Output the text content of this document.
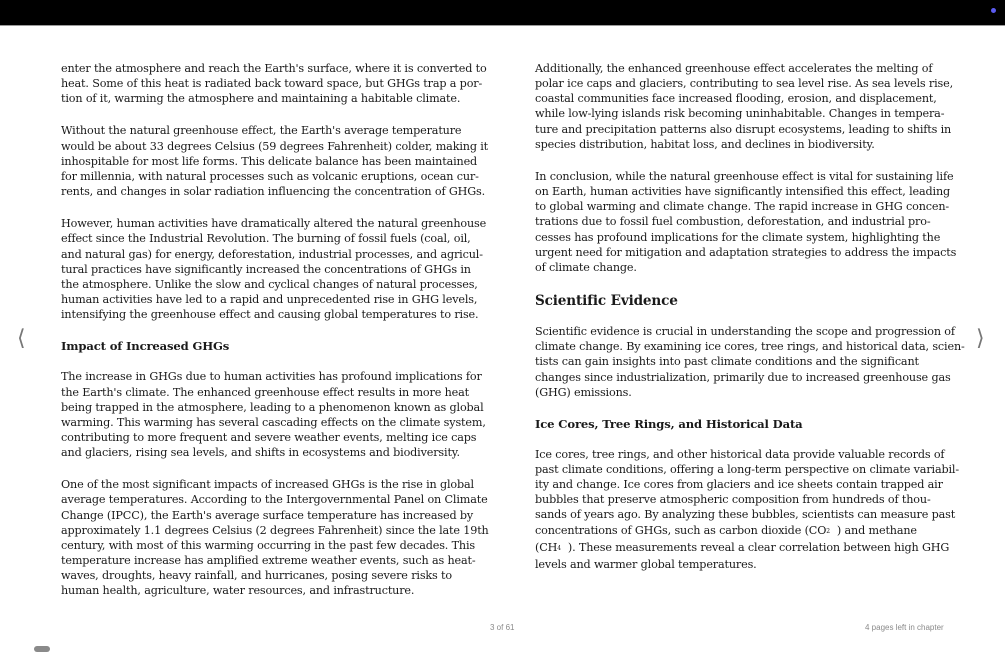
⟨	⟩

enter the atmosphere and reach the Earth's surface, where it is converted to
heat. Some of this heat is radiated back toward space, but GHGs trap a por-
tion of it, warming the atmosphere and maintaining a habitable climate.

Without the natural greenhouse effect, the Earth's average temperature
would be about 33 degrees Celsius (59 degrees Fahrenheit) colder, making it
inhospitable for most life forms. This delicate balance has been maintained
for millennia, with natural processes such as volcanic eruptions, ocean cur-
rents, and changes in solar radiation influencing the concentration of GHGs.

However, human activities have dramatically altered the natural greenhouse
effect since the Industrial Revolution. The burning of fossil fuels (coal, oil,
and natural gas) for energy, deforestation, industrial processes, and agricul-
tural practices have significantly increased the concentrations of GHGs in
the atmosphere. Unlike the slow and cyclical changes of natural processes,
human activities have led to a rapid and unprecedented rise in GHG levels,
intensifying the greenhouse effect and causing global temperatures to rise.

Impact of Increased GHGs

The increase in GHGs due to human activities has profound implications for
the Earth's climate. The enhanced greenhouse effect results in more heat
being trapped in the atmosphere, leading to a phenomenon known as global
warming. This warming has several cascading effects on the climate system,
contributing to more frequent and severe weather events, melting ice caps
and glaciers, rising sea levels, and shifts in ecosystems and biodiversity.

One of the most significant impacts of increased GHGs is the rise in global
average temperatures. According to the Intergovernmental Panel on Climate
Change (IPCC), the Earth's average surface temperature has increased by
approximately 1.1 degrees Celsius (2 degrees Fahrenheit) since the late 19th
century, with most of this warming occurring in the past few decades. This
temperature increase has amplified extreme weather events, such as heat-
waves, droughts, heavy rainfall, and hurricanes, posing severe risks to
human health, agriculture, water resources, and infrastructure.

Additionally, the enhanced greenhouse effect accelerates the melting of
polar ice caps and glaciers, contributing to sea level rise. As sea levels rise,
coastal communities face increased flooding, erosion, and displacement,
while low-lying islands risk becoming uninhabitable. Changes in tempera-
ture and precipitation patterns also disrupt ecosystems, leading to shifts in
species distribution, habitat loss, and declines in biodiversity.

In conclusion, while the natural greenhouse effect is vital for sustaining life
on Earth, human activities have significantly intensified this effect, leading
to global warming and climate change. The rapid increase in GHG concen-
trations due to fossil fuel combustion, deforestation, and industrial pro-
cesses has profound implications for the climate system, highlighting the
urgent need for mitigation and adaptation strategies to address the impacts
of climate change.

Scientific Evidence

Scientific evidence is crucial in understanding the scope and progression of
climate change. By examining ice cores, tree rings, and historical data, scien-
tists can gain insights into past climate conditions and the significant
changes since industrialization, primarily due to increased greenhouse gas
(GHG) emissions.

Ice Cores, Tree Rings, and Historical Data

Ice cores, tree rings, and other historical data provide valuable records of
past climate conditions, offering a long-term perspective on climate variabil-
ity and change. Ice cores from glaciers and ice sheets contain trapped air
bubbles that preserve atmospheric composition from hundreds of thou-
sands of years ago. By analyzing these bubbles, scientists can measure past
concentrations of GHGs, such as carbon dioxide ($CO_2$ ) and methane
($CH_4$ ). These measurements reveal a clear correlation between high GHG
levels and warmer global temperatures.

3 of 61	4 pages left in chapter
